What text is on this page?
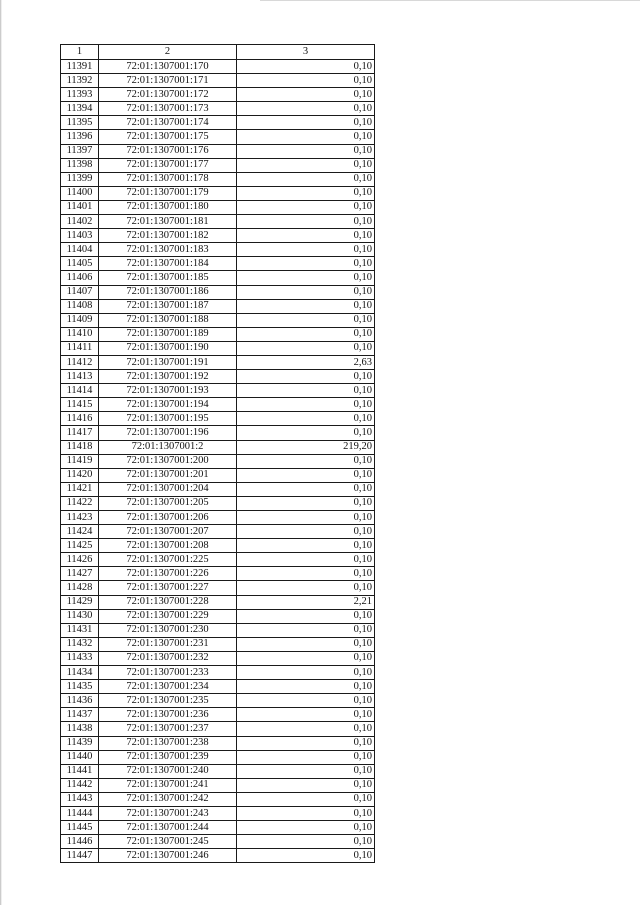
1	2	3
11391	72:01:1307001:170	0,10
11392	72:01:1307001:171	0,10
11393	72:01:1307001:172	0,10
11394	72:01:1307001:173	0,10
11395	72:01:1307001:174	0,10
11396	72:01:1307001:175	0,10
11397	72:01:1307001:176	0,10
11398	72:01:1307001:177	0,10
11399	72:01:1307001:178	0,10
11400	72:01:1307001:179	0,10
11401	72:01:1307001:180	0,10
11402	72:01:1307001:181	0,10
11403	72:01:1307001:182	0,10
11404	72:01:1307001:183	0,10
11405	72:01:1307001:184	0,10
11406	72:01:1307001:185	0,10
11407	72:01:1307001:186	0,10
11408	72:01:1307001:187	0,10
11409	72:01:1307001:188	0,10
11410	72:01:1307001:189	0,10
11411	72:01:1307001:190	0,10
11412	72:01:1307001:191	2,63
11413	72:01:1307001:192	0,10
11414	72:01:1307001:193	0,10
11415	72:01:1307001:194	0,10
11416	72:01:1307001:195	0,10
11417	72:01:1307001:196	0,10
11418	72:01:1307001:2	219,20
11419	72:01:1307001:200	0,10
11420	72:01:1307001:201	0,10
11421	72:01:1307001:204	0,10
11422	72:01:1307001:205	0,10
11423	72:01:1307001:206	0,10
11424	72:01:1307001:207	0,10
11425	72:01:1307001:208	0,10
11426	72:01:1307001:225	0,10
11427	72:01:1307001:226	0,10
11428	72:01:1307001:227	0,10
11429	72:01:1307001:228	2,21
11430	72:01:1307001:229	0,10
11431	72:01:1307001:230	0,10
11432	72:01:1307001:231	0,10
11433	72:01:1307001:232	0,10
11434	72:01:1307001:233	0,10
11435	72:01:1307001:234	0,10
11436	72:01:1307001:235	0,10
11437	72:01:1307001:236	0,10
11438	72:01:1307001:237	0,10
11439	72:01:1307001:238	0,10
11440	72:01:1307001:239	0,10
11441	72:01:1307001:240	0,10
11442	72:01:1307001:241	0,10
11443	72:01:1307001:242	0,10
11444	72:01:1307001:243	0,10
11445	72:01:1307001:244	0,10
11446	72:01:1307001:245	0,10
11447	72:01:1307001:246	0,10
